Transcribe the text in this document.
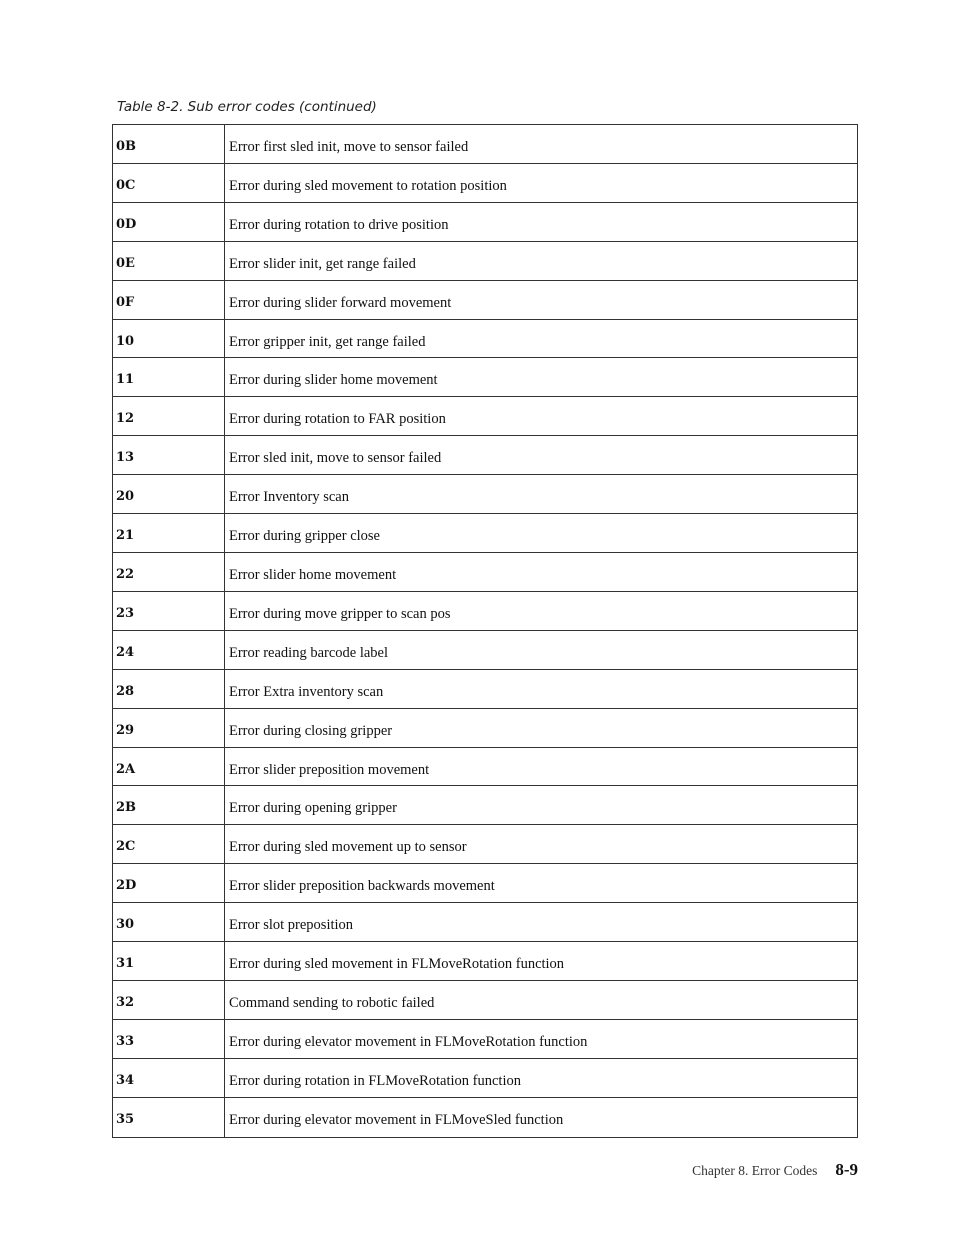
Table 8-2. Sub error codes (continued)
0B	Error first sled init, move to sensor failed
0C	Error during sled movement to rotation position
0D	Error during rotation to drive position
0E	Error slider init, get range failed
0F	Error during slider forward movement
10	Error gripper init, get range failed
11	Error during slider home movement
12	Error during rotation to FAR position
13	Error sled init, move to sensor failed
20	Error Inventory scan
21	Error during gripper close
22	Error slider home movement
23	Error during move gripper to scan pos
24	Error reading barcode label
28	Error Extra inventory scan
29	Error during closing gripper
2A	Error slider preposition movement
2B	Error during opening gripper
2C	Error during sled movement up to sensor
2D	Error slider preposition backwards movement
30	Error slot preposition
31	Error during sled movement in FLMoveRotation function
32	Command sending to robotic failed
33	Error during elevator movement in FLMoveRotation function
34	Error during rotation in FLMoveRotation function
35	Error during elevator movement in FLMoveSled function
Chapter 8. Error Codes 8-9
